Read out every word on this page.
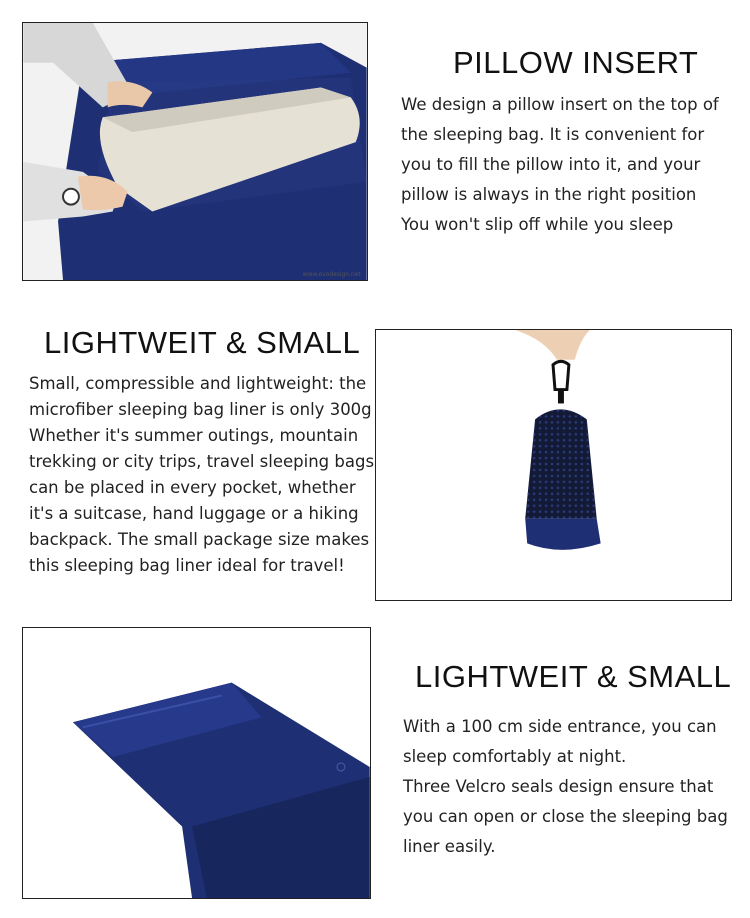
www.evodesign.net
PILLOW INSERT
We design a pillow insert on the top of
the sleeping bag. It is convenient for
you to fill the pillow into it, and your
pillow is always in the right position
You won't slip off while you sleep
LIGHTWEIT & SMALL
Small, compressible and lightweight: the
microfiber sleeping bag liner is only 300g
Whether it's summer outings, mountain
trekking or city trips, travel sleeping bags
can be placed in every pocket, whether
it's a suitcase, hand luggage or a hiking
backpack. The small package size makes
this sleeping bag liner ideal for travel!
LIGHTWEIT & SMALL
With a 100 cm side entrance, you can
sleep comfortably at night.
Three Velcro seals design ensure that
you can open or close the sleeping bag
liner easily.
